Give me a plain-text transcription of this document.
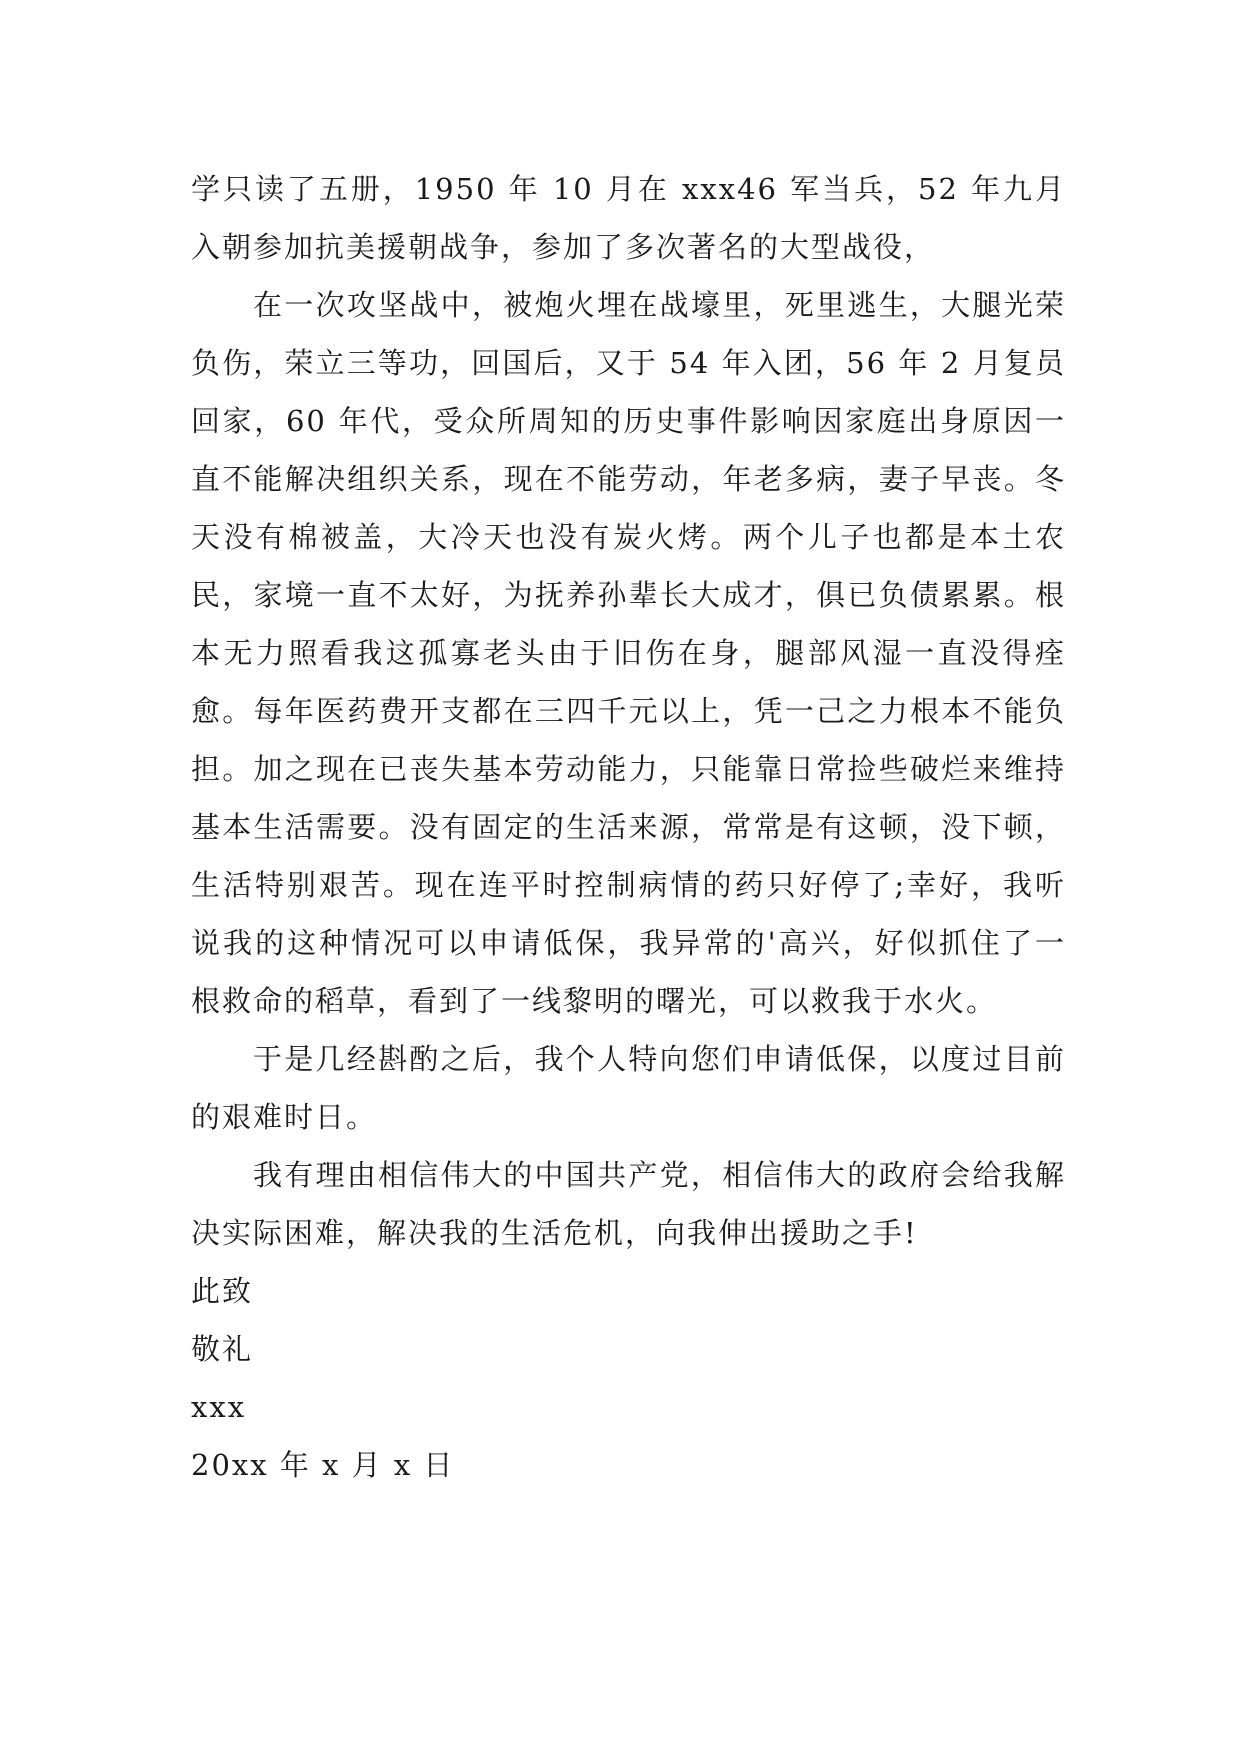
学只读了五册，1950 年 10 月在 xxx46 军当兵，52 年九月入朝参加抗美援朝战争，参加了多次著名的大型战役，

在一次攻坚战中，被炮火埋在战壕里，死里逃生，大腿光荣负伤，荣立三等功，回国后，又于 54 年入团，56 年 2 月复员回家，60 年代，受众所周知的历史事件影响因家庭出身原因一直不能解决组织关系，现在不能劳动，年老多病，妻子早丧。冬天没有棉被盖，大冷天也没有炭火烤。两个儿子也都是本土农民，家境一直不太好，为抚养孙辈长大成才，俱已负债累累。根本无力照看我这孤寡老头由于旧伤在身，腿部风湿一直没得痊愈。每年医药费开支都在三四千元以上，凭一己之力根本不能负担。加之现在已丧失基本劳动能力，只能靠日常捡些破烂来维持基本生活需要。没有固定的生活来源，常常是有这顿，没下顿，生活特别艰苦。现在连平时控制病情的药只好停了;幸好，我听说我的这种情况可以申请低保，我异常的'高兴，好似抓住了一根救命的稻草，看到了一线黎明的曙光，可以救我于水火。

于是几经斟酌之后，我个人特向您们申请低保，以度过目前的艰难时日。

我有理由相信伟大的中国共产党，相信伟大的政府会给我解决实际困难，解决我的生活危机，向我伸出援助之手!

此致

敬礼

xxx

20xx 年 x 月 x 日
